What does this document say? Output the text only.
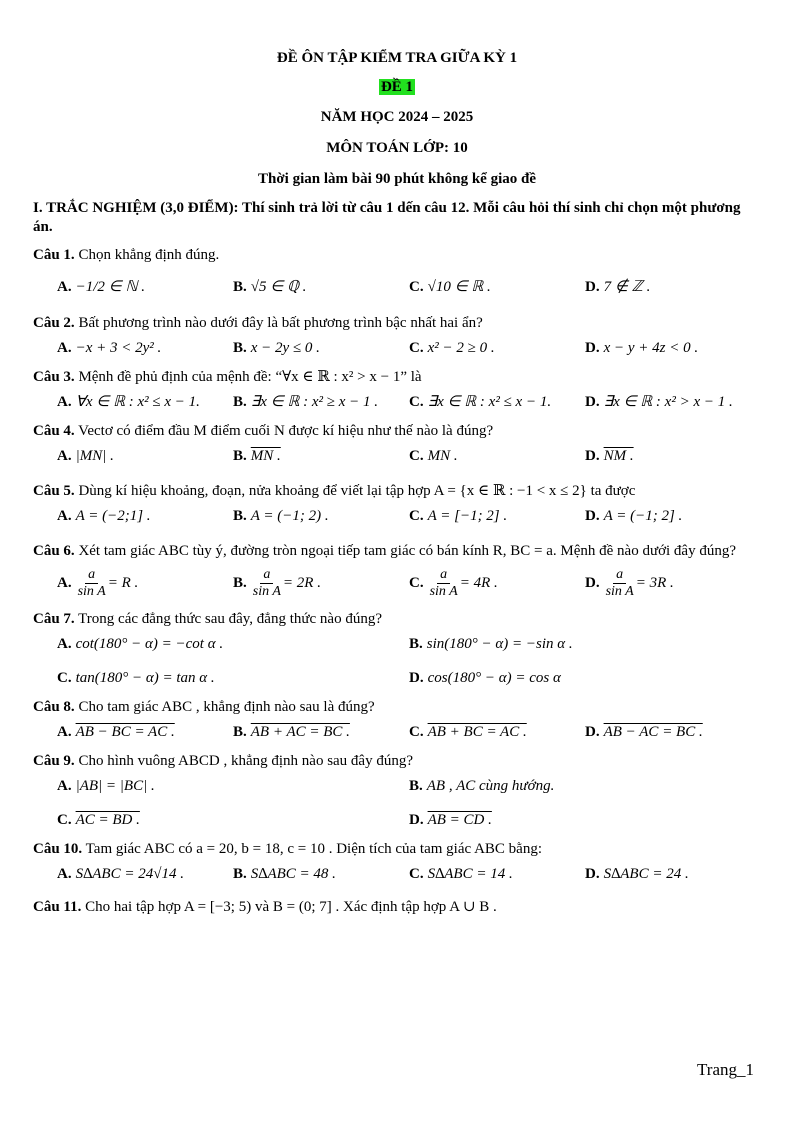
ĐỀ ÔN TẬP KIỂM TRA GIỮA KỲ 1
ĐỀ 1
NĂM HỌC 2024 – 2025
MÔN TOÁN LỚP: 10
Thời gian làm bài 90 phút không kể giao đề
I. TRẮC NGHIỆM (3,0 ĐIỂM): Thí sinh trả lời từ câu 1 dến câu 12. Mỗi câu hỏi thí sinh chỉ chọn một phương án.
Câu 1. Chọn khẳng định đúng.
A. −1/2 ∈ ℕ .	B. √5 ∈ ℚ .	C. √10 ∈ ℝ .	D. 7 ∉ ℤ .
Câu 2. Bất phương trình nào dưới đây là bất phương trình bậc nhất hai ẩn?
A. −x + 3 < 2y² .	B. x − 2y ≤ 0 .	C. x² − 2 ≥ 0 .	D. x − y + 4z < 0 .
Câu 3. Mệnh đề phủ định của mệnh đề: “∀x ∈ ℝ : x² > x − 1” là
A. ∀x ∈ ℝ : x² ≤ x − 1.	B. ∃x ∈ ℝ : x² ≥ x − 1 .	C. ∃x ∈ ℝ : x² ≤ x − 1.	D. ∃x ∈ ℝ : x² > x − 1 .
Câu 4. Vectơ có điểm đầu M điểm cuối N được kí hiệu như thế nào là đúng?
A. |MN| .	B. MN .	C. MN .	D. NM .
Câu 5. Dùng kí hiệu khoảng, đoạn, nửa khoảng để viết lại tập hợp A = {x ∈ ℝ : −1 < x ≤ 2} ta được
A. A = (−2;1] .	B. A = (−1; 2) .	C. A = [−1; 2] .	D. A = (−1; 2] .
Câu 6. Xét tam giác ABC tùy ý, đường tròn ngoại tiếp tam giác có bán kính R, BC = a. Mệnh đề nào dưới đây đúng?
A. $\frac{a}{\text{sin A}} = R$ .	B. $\frac{a}{\text{sin A}} = 2R$ .	C. $\frac{a}{\text{sin A}} = 4R$ .	D. $\frac{a}{\text{sin A}} = 3R$ .
Câu 7. Trong các đẳng thức sau đây, đẳng thức nào đúng?
A. cot(180° − α) = −cot α .	B. sin(180° − α) = −sin α .
C. tan(180° − α) = tan α .	D. cos(180° − α) = cos α
Câu 8. Cho tam giác ABC , khẳng định nào sau là đúng?
A. AB − BC = AC .	B. AB + AC = BC .	C. AB + BC = AC .	D. AB − AC = BC .
Câu 9. Cho hình vuông ABCD , khẳng định nào sau đây đúng?
A. |AB| = |BC| .	B. AB , AC cùng hướng.
C. AC = BD .	D. AB = CD .
Câu 10. Tam giác ABC có a = 20, b = 18, c = 10 . Diện tích của tam giác ABC bằng:
A. S∆ABC = 24√14 .	B. S∆ABC = 48 .	C. S∆ABC = 14 .	D. S∆ABC = 24 .
Câu 11. Cho hai tập hợp A = [−3; 5) và B = (0; 7] . Xác định tập hợp A ∪ B .
Trang_1
